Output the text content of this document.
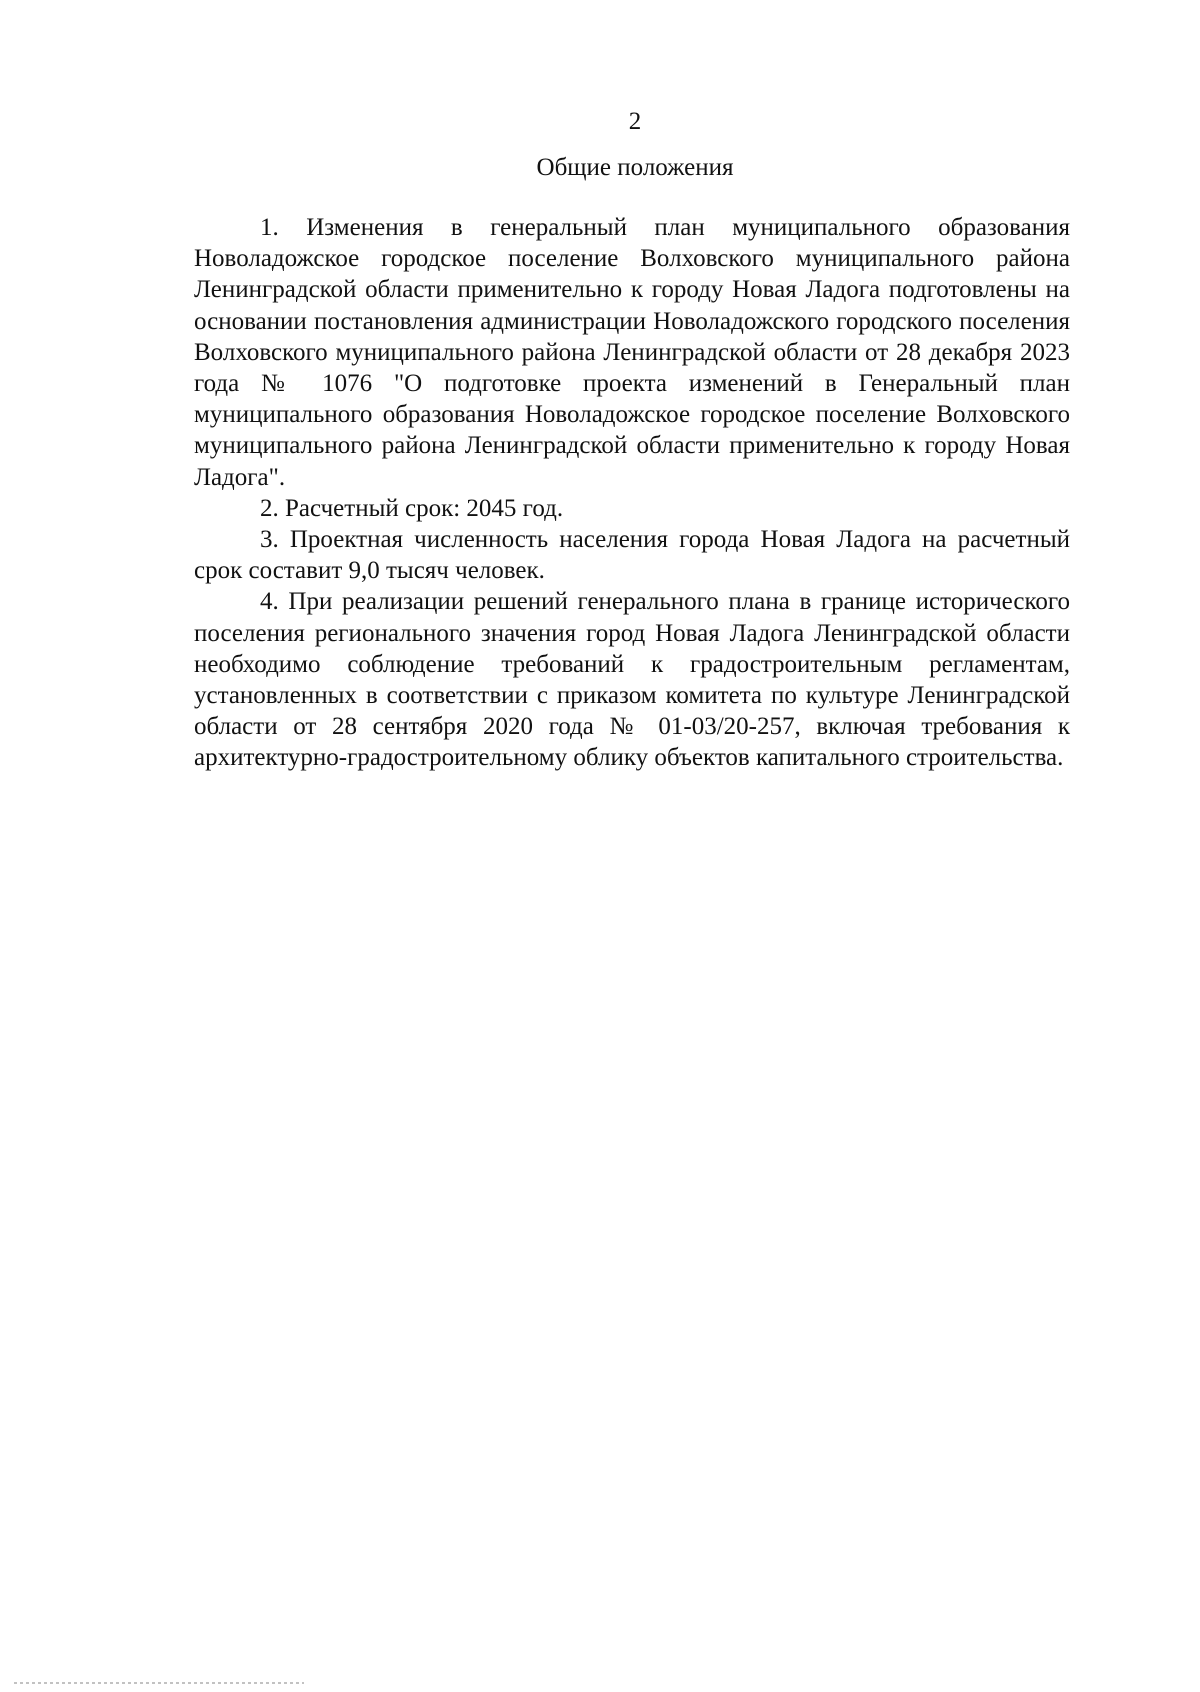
2
Общие положения

1. Изменения в генеральный план муниципального образования Новоладожское городское поселение Волховского муниципального района Ленинградской области применительно к городу Новая Ладога подготовлены на основании постановления администрации Новоладожского городского поселения Волховского муниципального района Ленинградской области от 28 декабря 2023 года № 1076 "О подготовке проекта изменений в Генеральный план муниципального образования Новоладожское городское поселение Волховского муниципального района Ленинградской области применительно к городу Новая Ладога".

2. Расчетный срок: 2045 год.

3. Проектная численность населения города Новая Ладога на расчетный срок составит 9,0 тысяч человек.

4. При реализации решений генерального плана в границе исторического поселения регионального значения город Новая Ладога Ленинградской области необходимо соблюдение требований к градостроительным регламентам, установленных в соответствии с приказом комитета по культуре Ленинградской области от 28 сентября 2020 года № 01-03/20-257, включая требования к архитектурно-градостроительному облику объектов капитального строительства.
